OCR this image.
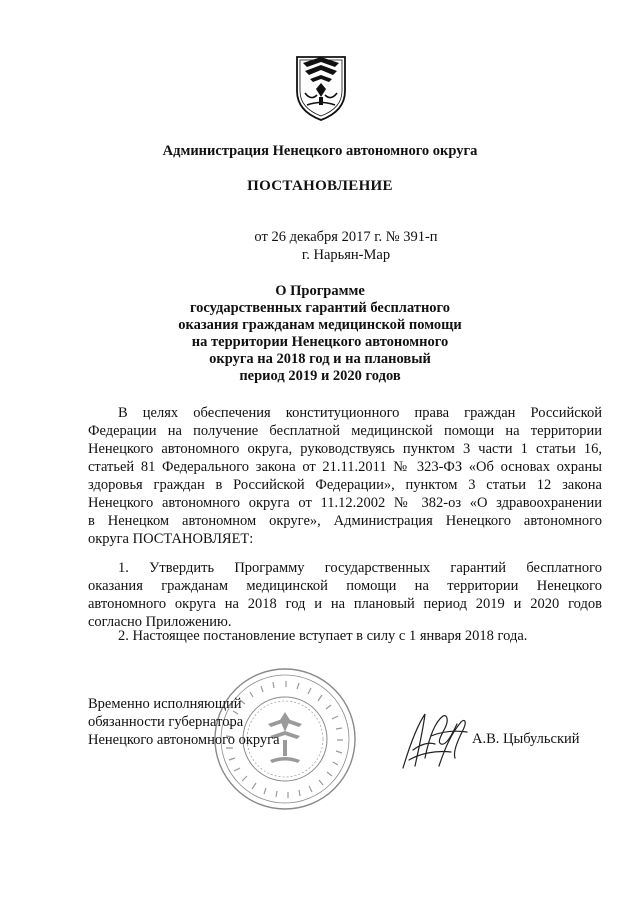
Администрация Ненецкого автономного округа
ПОСТАНОВЛЕНИЕ
от 26 декабря 2017 г. № 391-п
г. Нарьян-Мар
О Программе
государственных гарантий бесплатного
оказания гражданам медицинской помощи
на территории Ненецкого автономного
округа на 2018 год и на плановый
период 2019 и 2020 годов
В целях обеспечения конституционного права граждан Российской
Федерации на получение бесплатной медицинской помощи на территории
Ненецкого автономного округа, руководствуясь пунктом 3 части 1 статьи 16,
статьей 81 Федерального закона от 21.11.2011 № 323-ФЗ «Об основах охраны
здоровья граждан в Российской Федерации», пунктом 3 статьи 12 закона
Ненецкого автономного округа от 11.12.2002 № 382-оз «О здравоохранении
в Ненецком автономном округе», Администрация Ненецкого автономного
округа ПОСТАНОВЛЯЕТ:
1. Утвердить Программу государственных гарантий бесплатного
оказания гражданам медицинской помощи на территории Ненецкого
автономного округа на 2018 год и на плановый период 2019 и 2020 годов
согласно Приложению.
2. Настоящее постановление вступает в силу с 1 января 2018 года.
Временно исполняющий
обязанности губернатора
Ненецкого автономного округа	А.В. Цыбульский
